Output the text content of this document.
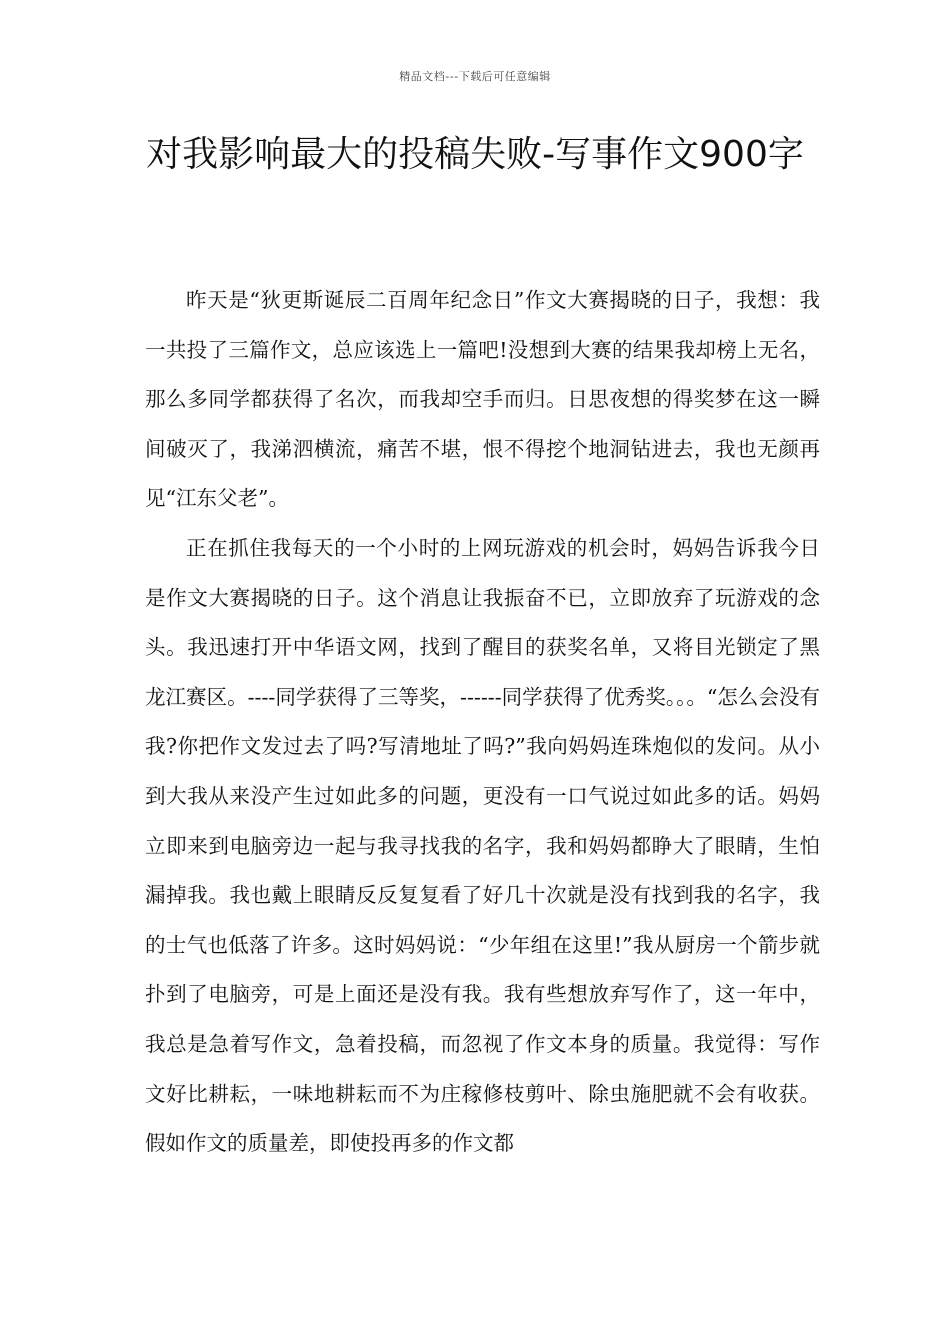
精品文档---下载后可任意编辑
对我影响最大的投稿失败-写事作文900字

昨天是“狄更斯诞辰二百周年纪念日”作文大赛揭晓的日子，我想：我一共投了三篇作文，总应该选上一篇吧!没想到大赛的结果我却榜上无名，那么多同学都获得了名次，而我却空手而归。日思夜想的得奖梦在这一瞬间破灭了，我涕泗横流，痛苦不堪，恨不得挖个地洞钻进去，我也无颜再见“江东父老”。

正在抓住我每天的一个小时的上网玩游戏的机会时，妈妈告诉我今日是作文大赛揭晓的日子。这个消息让我振奋不已，立即放弃了玩游戏的念头。我迅速打开中华语文网，找到了醒目的获奖名单，又将目光锁定了黑龙江赛区。----同学获得了三等奖，------同学获得了优秀奖。。。“怎么会没有我?你把作文发过去了吗?写清地址了吗?”我向妈妈连珠炮似的发问。从小到大我从来没产生过如此多的问题，更没有一口气说过如此多的话。妈妈立即来到电脑旁边一起与我寻找我的名字，我和妈妈都睁大了眼睛，生怕漏掉我。我也戴上眼睛反反复复看了好几十次就是没有找到我的名字，我的士气也低落了许多。这时妈妈说：“少年组在这里!”我从厨房一个箭步就扑到了电脑旁，可是上面还是没有我。我有些想放弃写作了，这一年中，我总是急着写作文，急着投稿，而忽视了作文本身的质量。我觉得：写作文好比耕耘，一味地耕耘而不为庄稼修枝剪叶、除虫施肥就不会有收获。假如作文的质量差，即使投再多的作文都
